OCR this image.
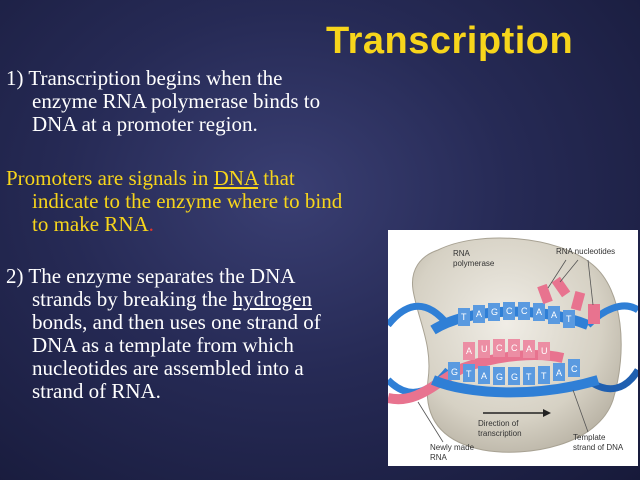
Transcription

1) Transcription begins when the
enzyme RNA polymerase binds to
DNA at a promoter region.

Promoters are signals in DNA that
indicate to the enzyme where to bind
to make RNA.

2) The enzyme separates the DNA
strands by breaking the hydrogen
bonds, and then uses one strand of
DNA as a template from which
nucleotides are assembled into a
strand of RNA.

T A G C C A A T
A U C C A U
G T A G G T T A C
RNA
polymerase
RNA nucleotides
Direction of
transcription
Newly made
RNA
Template
strand of DNA
